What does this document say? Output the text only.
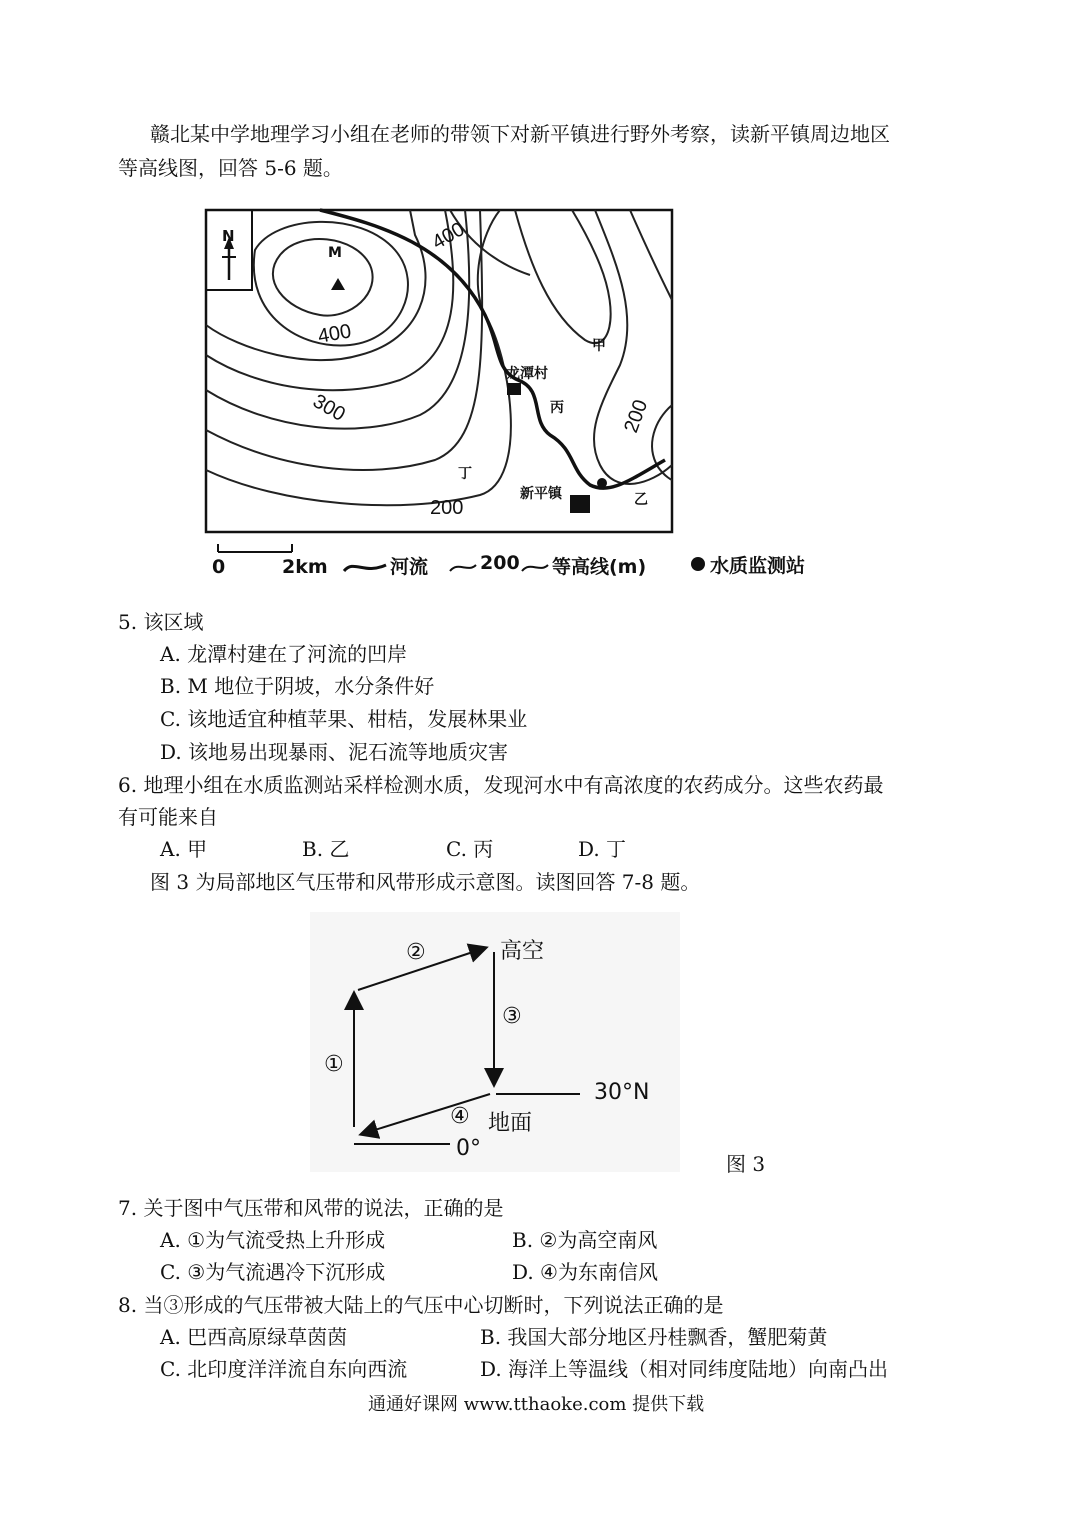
赣北某中学地理学习小组在老师的带领下对新平镇进行野外考察，读新平镇周边地区
等高线图，回答 5-6 题。
N
M	400
400
300
200
200
甲
龙潭村
丙
丁
新平镇	乙
0	2km	河流	200 等高线(m)	水质监测站
5. 该区域
A. 龙潭村建在了河流的凹岸
B. M 地位于阴坡，水分条件好
C. 该地适宜种植苹果、柑桔，发展林果业
D. 该地易出现暴雨、泥石流等地质灾害
6. 地理小组在水质监测站采样检测水质，发现河水中有高浓度的农药成分。这些农药最
有可能来自
A. 甲	B. 乙	C. 丙	D. 丁
图 3 为局部地区气压带和风带形成示意图。读图回答 7-8 题。
②	高空
③
①
30°N
④ 地面
0°
图 3
7. 关于图中气压带和风带的说法，正确的是
A. ①为气流受热上升形成	B. ②为高空南风
C. ③为气流遇冷下沉形成	D. ④为东南信风
8. 当③形成的气压带被大陆上的气压中心切断时，下列说法正确的是
A. 巴西高原绿草茵茵	B. 我国大部分地区丹桂飘香，蟹肥菊黄
C. 北印度洋洋流自东向西流	D. 海洋上等温线（相对同纬度陆地）向南凸出
通通好课网 www.tthaoke.com 提供下载
